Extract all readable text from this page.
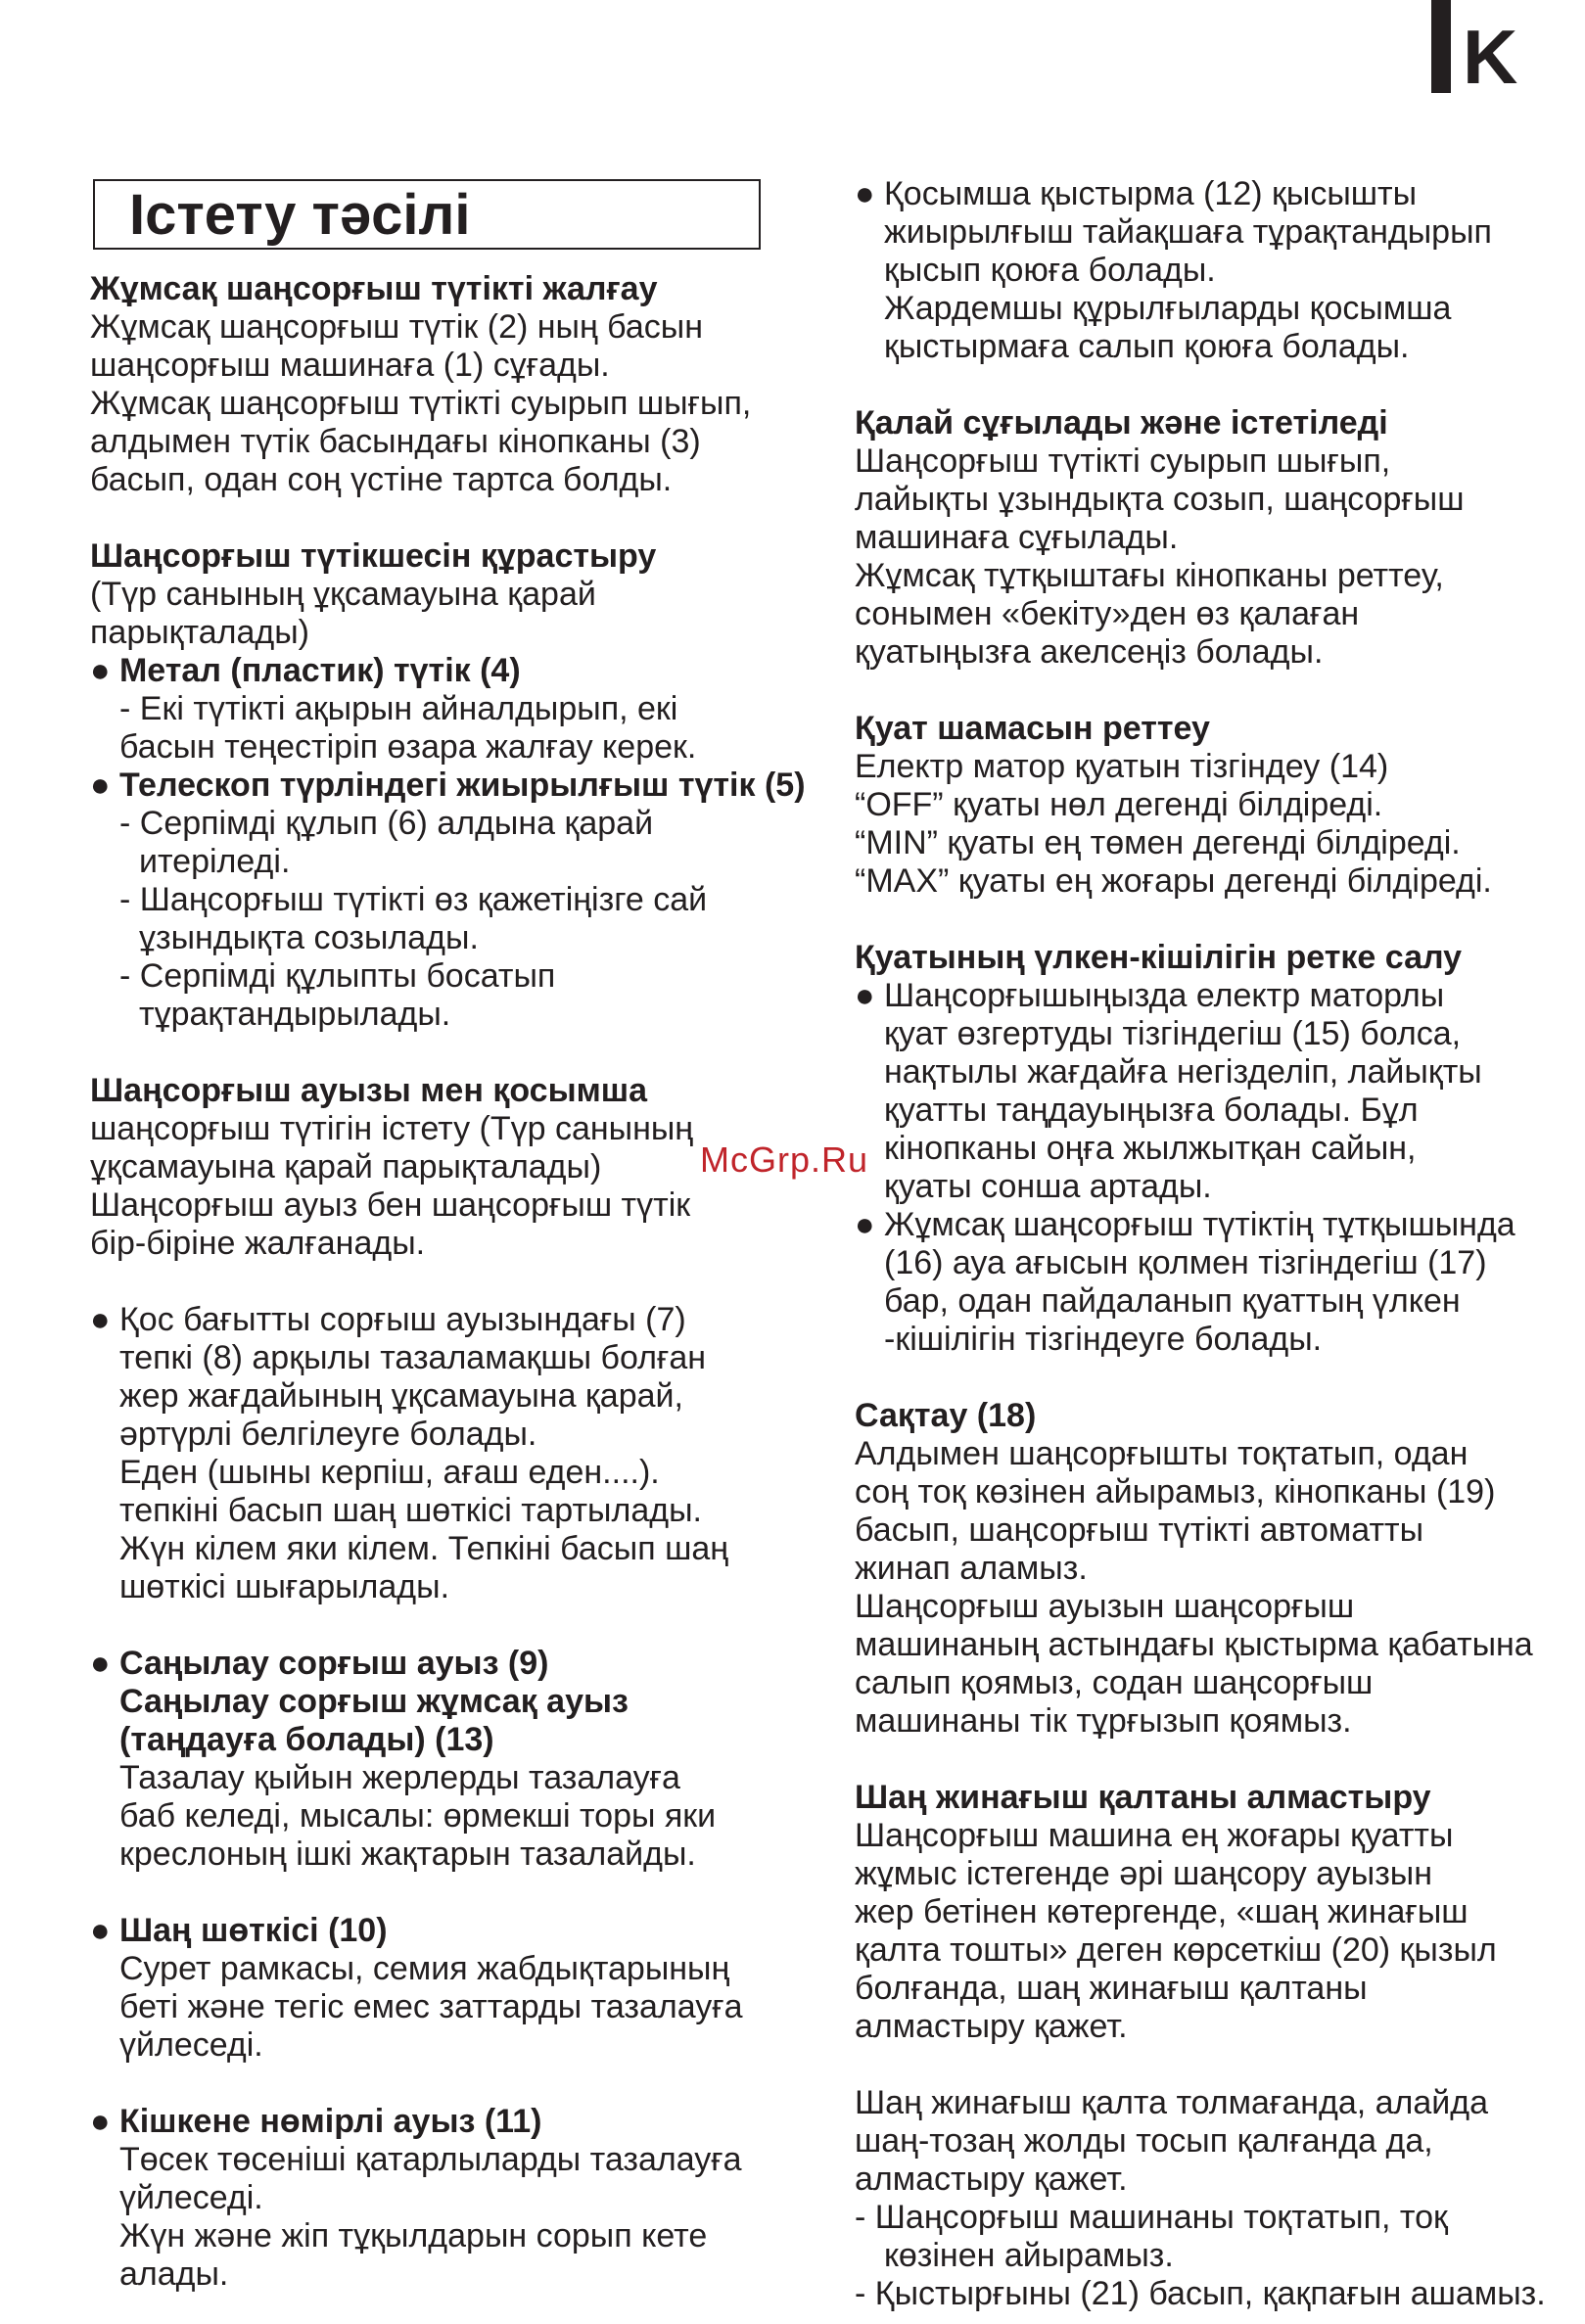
K
Істету тәсілі
Жұмсақ шаңсорғыш түтікті жалғау
Жұмсақ шаңсорғыш түтік (2) ның басын
шаңсорғыш машинаға (1) сұғады.
Жұмсақ шаңсорғыш түтікті суырып шығып,
алдымен түтік басындағы кінопканы (3)
басып, одан соң үстіне тартса болды.
Шаңсорғыш түтікшесін құрастыру
(Түр санының ұқсамауына қарай
парықталады)
● Метал (пластик) түтік (4)
- Екі түтікті ақырын айналдырып, екі
басын теңестіріп өзара жалғау керек.
● Телескоп түрліндегі жиырылғыш түтік (5)
- Серпімді құлып (6) алдына қарай
итеріледі.
- Шаңсорғыш түтікті өз қажетіңізге сай
ұзындықта созылады.
- Серпімді құлыпты босатып
тұрақтандырылады.
Шаңсорғыш ауызы мен қосымша
шаңсорғыш түтігін істету (Түр санының
ұқсамауына қарай парықталады)
Шаңсорғыш ауыз бен шаңсорғыш түтік
бір-біріне жалғанады.
● Қос бағытты сорғыш ауызындағы (7)
тепкі (8) арқылы тазаламақшы болған
жер жағдайының ұқсамауына қарай,
әртүрлі белгілеуге болады.
Еден (шыны керпіш, ағаш еден....).
тепкіні басып шаң шөткісі тартылады.
Жүн кілем яки кілем. Тепкіні басып шаң
шөткісі шығарылады.
● Саңылау сорғыш ауыз (9)
Саңылау сорғыш жұмсақ ауыз
(таңдауға болады) (13)
Тазалау қыйын жерлерды тазалауға
баб келеді, мысалы: өрмекші торы яки
креслоның ішкі жақтарын тазалайды.
● Шаң шөткісі (10)
Сурет рамкасы, семия жабдықтарының
беті және тегіс емес заттарды тазалауға
үйлеседі.
● Кішкене нөмірлі ауыз (11)
Төсек төсеніші қатарлыларды тазалауға
үйлеседі.
Жүн және жіп тұқылдарын сорып кете
алады.
● Қосымша қыстырма (12) қысышты
жиырылғыш тайақшаға тұрақтандырып
қысып қоюға болады.
Жардемшы құрылғыларды қосымша
қыстырмаға салып қоюға болады.
Қалай сұғылады және істетіледі
Шаңсорғыш түтікті суырып шығып,
лайықты ұзындықта созып, шаңсорғыш
машинаға сұғылады.
Жұмсақ тұтқыштағы кінопканы реттеу,
сонымен «бекіту»ден өз қалаған
қуатыңызға акелсеңіз болады.
Қуат шамасын реттеу
Електр матор қуатын тізгіндеу (14)
“OFF” қуаты нөл дегенді білдіреді.
“MIN” қуаты ең төмен дегенді білдіреді.
“MAX” қуаты ең жоғары дегенді білдіреді.
Қуатының үлкен-кішілігін ретке салу
● Шаңсорғышыңызда електр маторлы
қуат өзгертуды тізгіндегіш (15) болса,
нақтылы жағдайға негізделіп, лайықты
қуатты таңдауыңызға болады. Бұл
кінопканы оңға жылжытқан сайын,
қуаты сонша артады.
● Жұмсақ шаңсорғыш түтіктің тұтқышында
(16) ауа ағысын қолмен тізгіндегіш (17)
бар, одан пайдаланып қуаттың үлкен
-кішілігін тізгіндеуге болады.
Сақтау (18)
Алдымен шаңсорғышты тоқтатып, одан
соң тоқ көзінен айырамыз, кінопканы (19)
басып, шаңсорғыш түтікті автоматты
жинап аламыз.
Шаңсорғыш ауызын шаңсорғыш
машинаның астындағы қыстырма қабатына
салып қоямыз, содан шаңсорғыш
машинаны тік тұрғызып қоямыз.
Шаң жинағыш қалтаны алмастыру
Шаңсорғыш машина ең жоғары қуатты
жұмыс істегенде әрі шаңсору ауызын
жер бетінен көтергенде, «шаң жинағыш
қалта тошты» деген көрсеткіш (20) қызыл
болғанда, шаң жинағыш қалтаны
алмастыру қажет.
Шаң жинағыш қалта толмағанда, алайда
шаң-тозаң жолды тосып қалғанда да,
алмастыру қажет.
- Шаңсорғыш машинаны тоқтатып, тоқ
көзінен айырамыз.
- Қыстырғыны (21) басып, қақпағын ашамыз.
McGrp.Ru
